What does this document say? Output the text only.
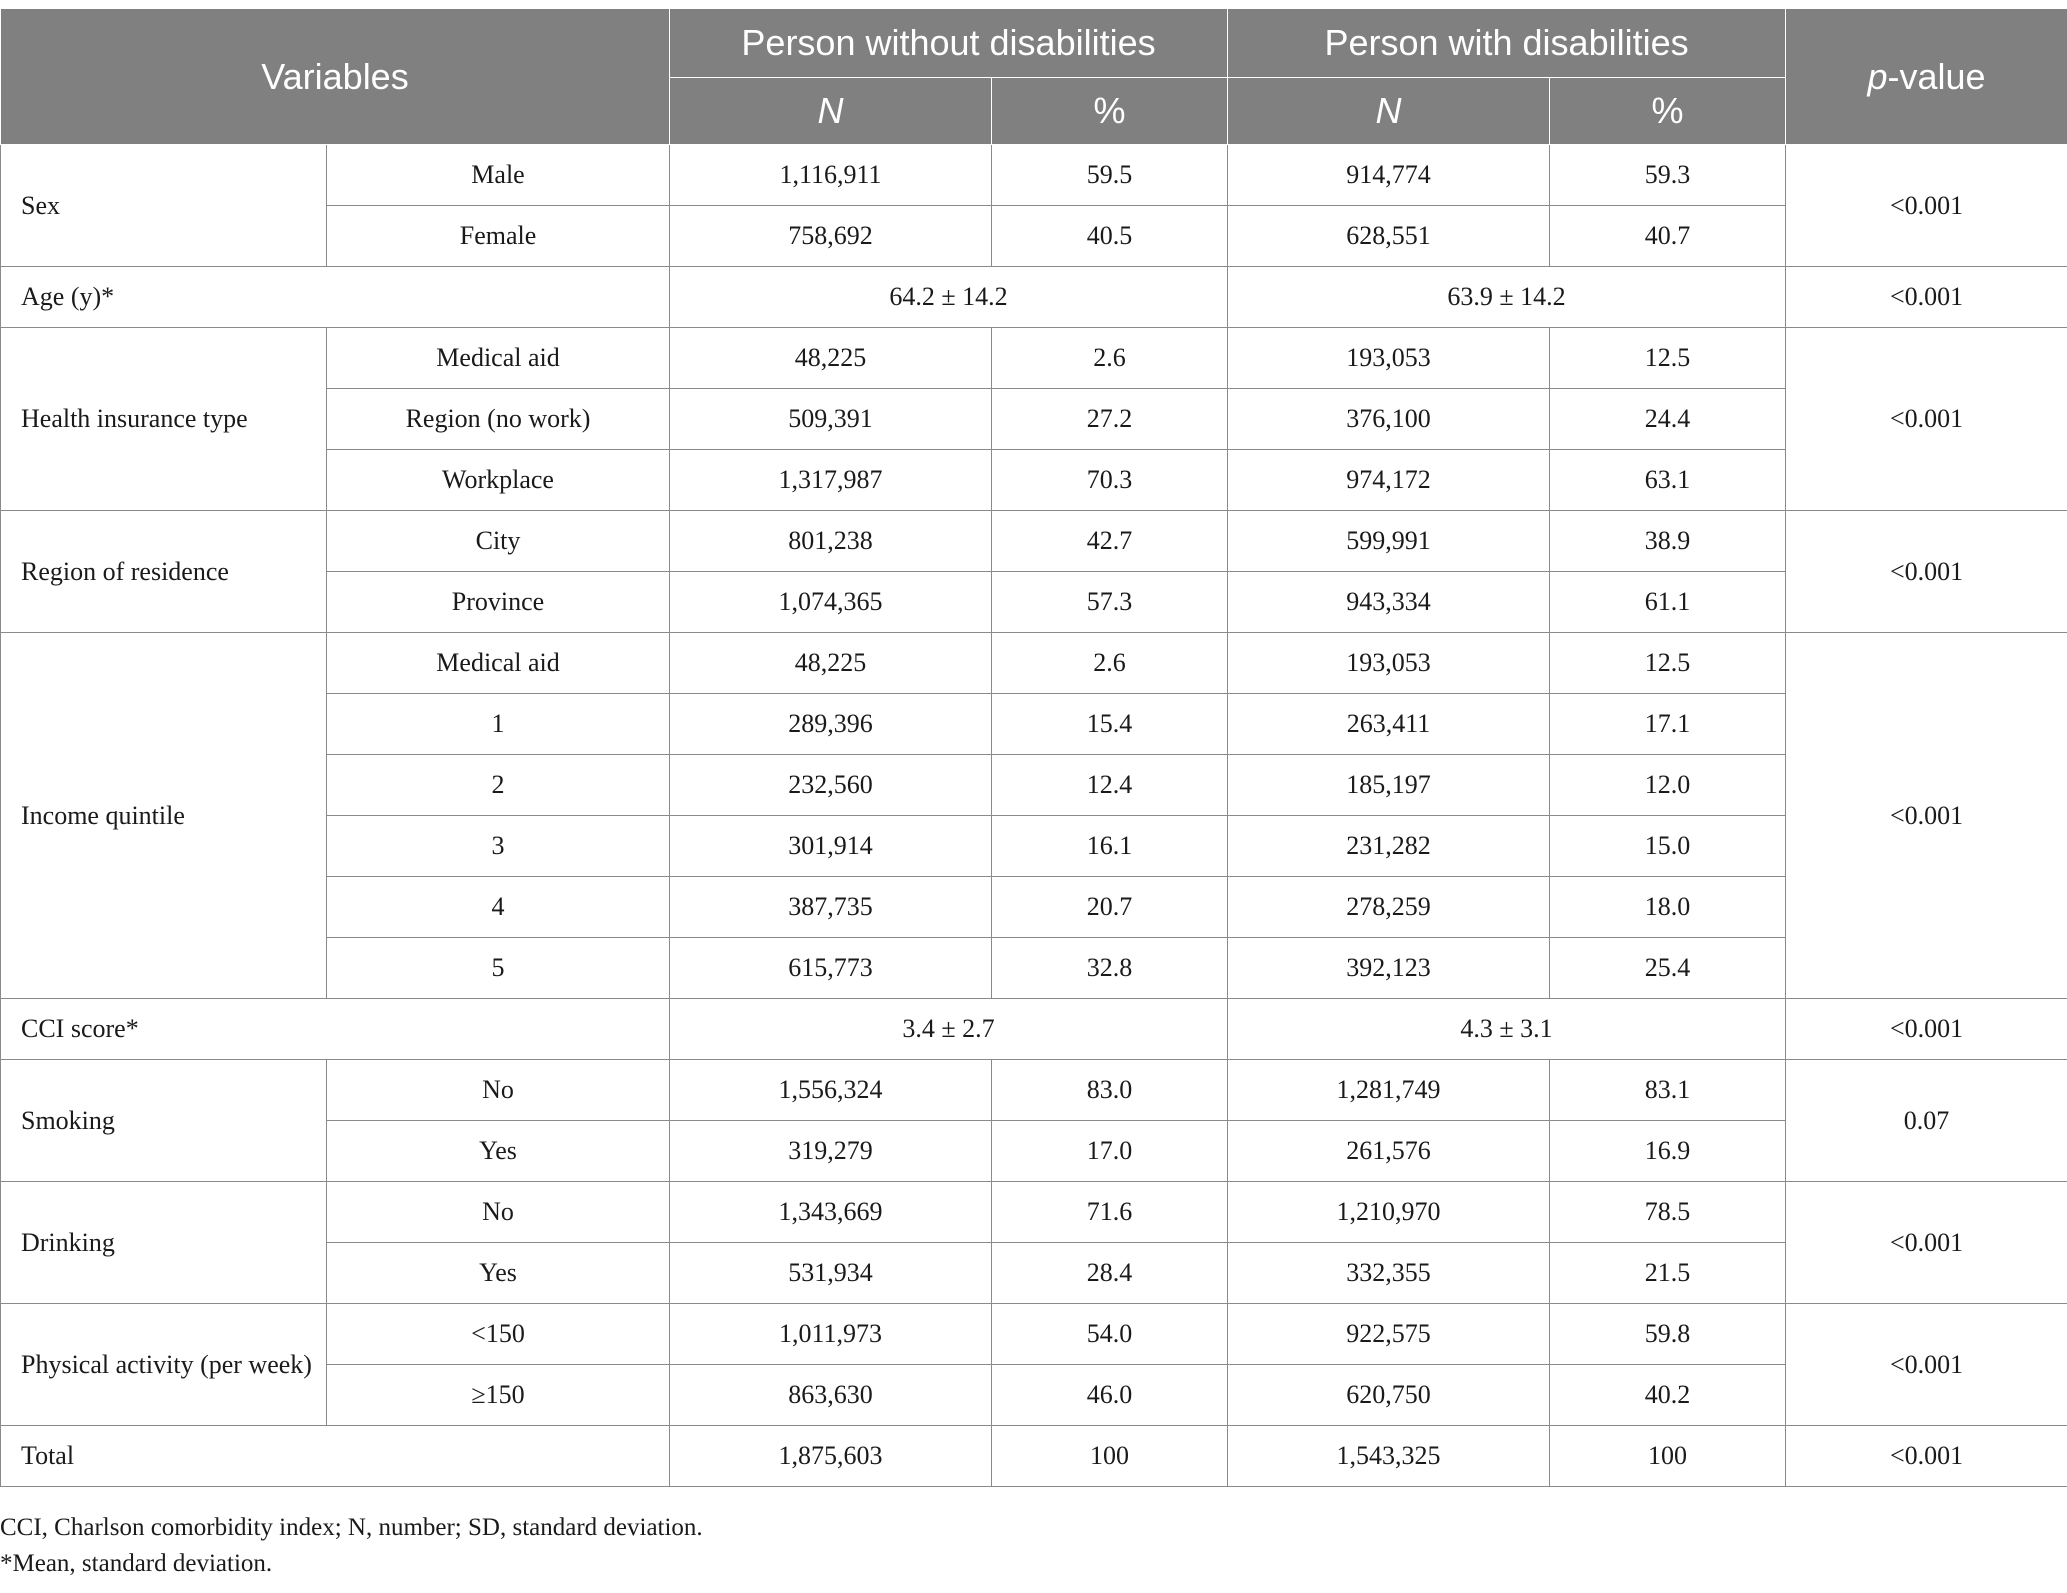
Variables		Person without disabilities		Person with disabilities		p-value
		N	%	N	%	
Sex	Male	1,116,911	59.5	914,774	59.3	<0.001
	Female	758,692	40.5	628,551	40.7	
Age (y)*		64.2 ± 14.2		63.9 ± 14.2		<0.001
Health insurance type	Medical aid	48,225	2.6	193,053	12.5	<0.001
	Region (no work)	509,391	27.2	376,100	24.4	
	Workplace	1,317,987	70.3	974,172	63.1	
Region of residence	City	801,238	42.7	599,991	38.9	<0.001
	Province	1,074,365	57.3	943,334	61.1	
Income quintile	Medical aid	48,225	2.6	193,053	12.5	<0.001
	1	289,396	15.4	263,411	17.1	
	2	232,560	12.4	185,197	12.0	
	3	301,914	16.1	231,282	15.0	
	4	387,735	20.7	278,259	18.0	
	5	615,773	32.8	392,123	25.4	
CCI score*		3.4 ± 2.7		4.3 ± 3.1		<0.001
Smoking	No	1,556,324	83.0	1,281,749	83.1	0.07
	Yes	319,279	17.0	261,576	16.9	
Drinking	No	1,343,669	71.6	1,210,970	78.5	<0.001
	Yes	531,934	28.4	332,355	21.5	
Physical activity (per week)	<150	1,011,973	54.0	922,575	59.8	<0.001
	≥150	863,630	46.0	620,750	40.2	
Total		1,875,603	100	1,543,325	100	<0.001
CCI, Charlson comorbidity index; N, number; SD, standard deviation.
*Mean, standard deviation.
